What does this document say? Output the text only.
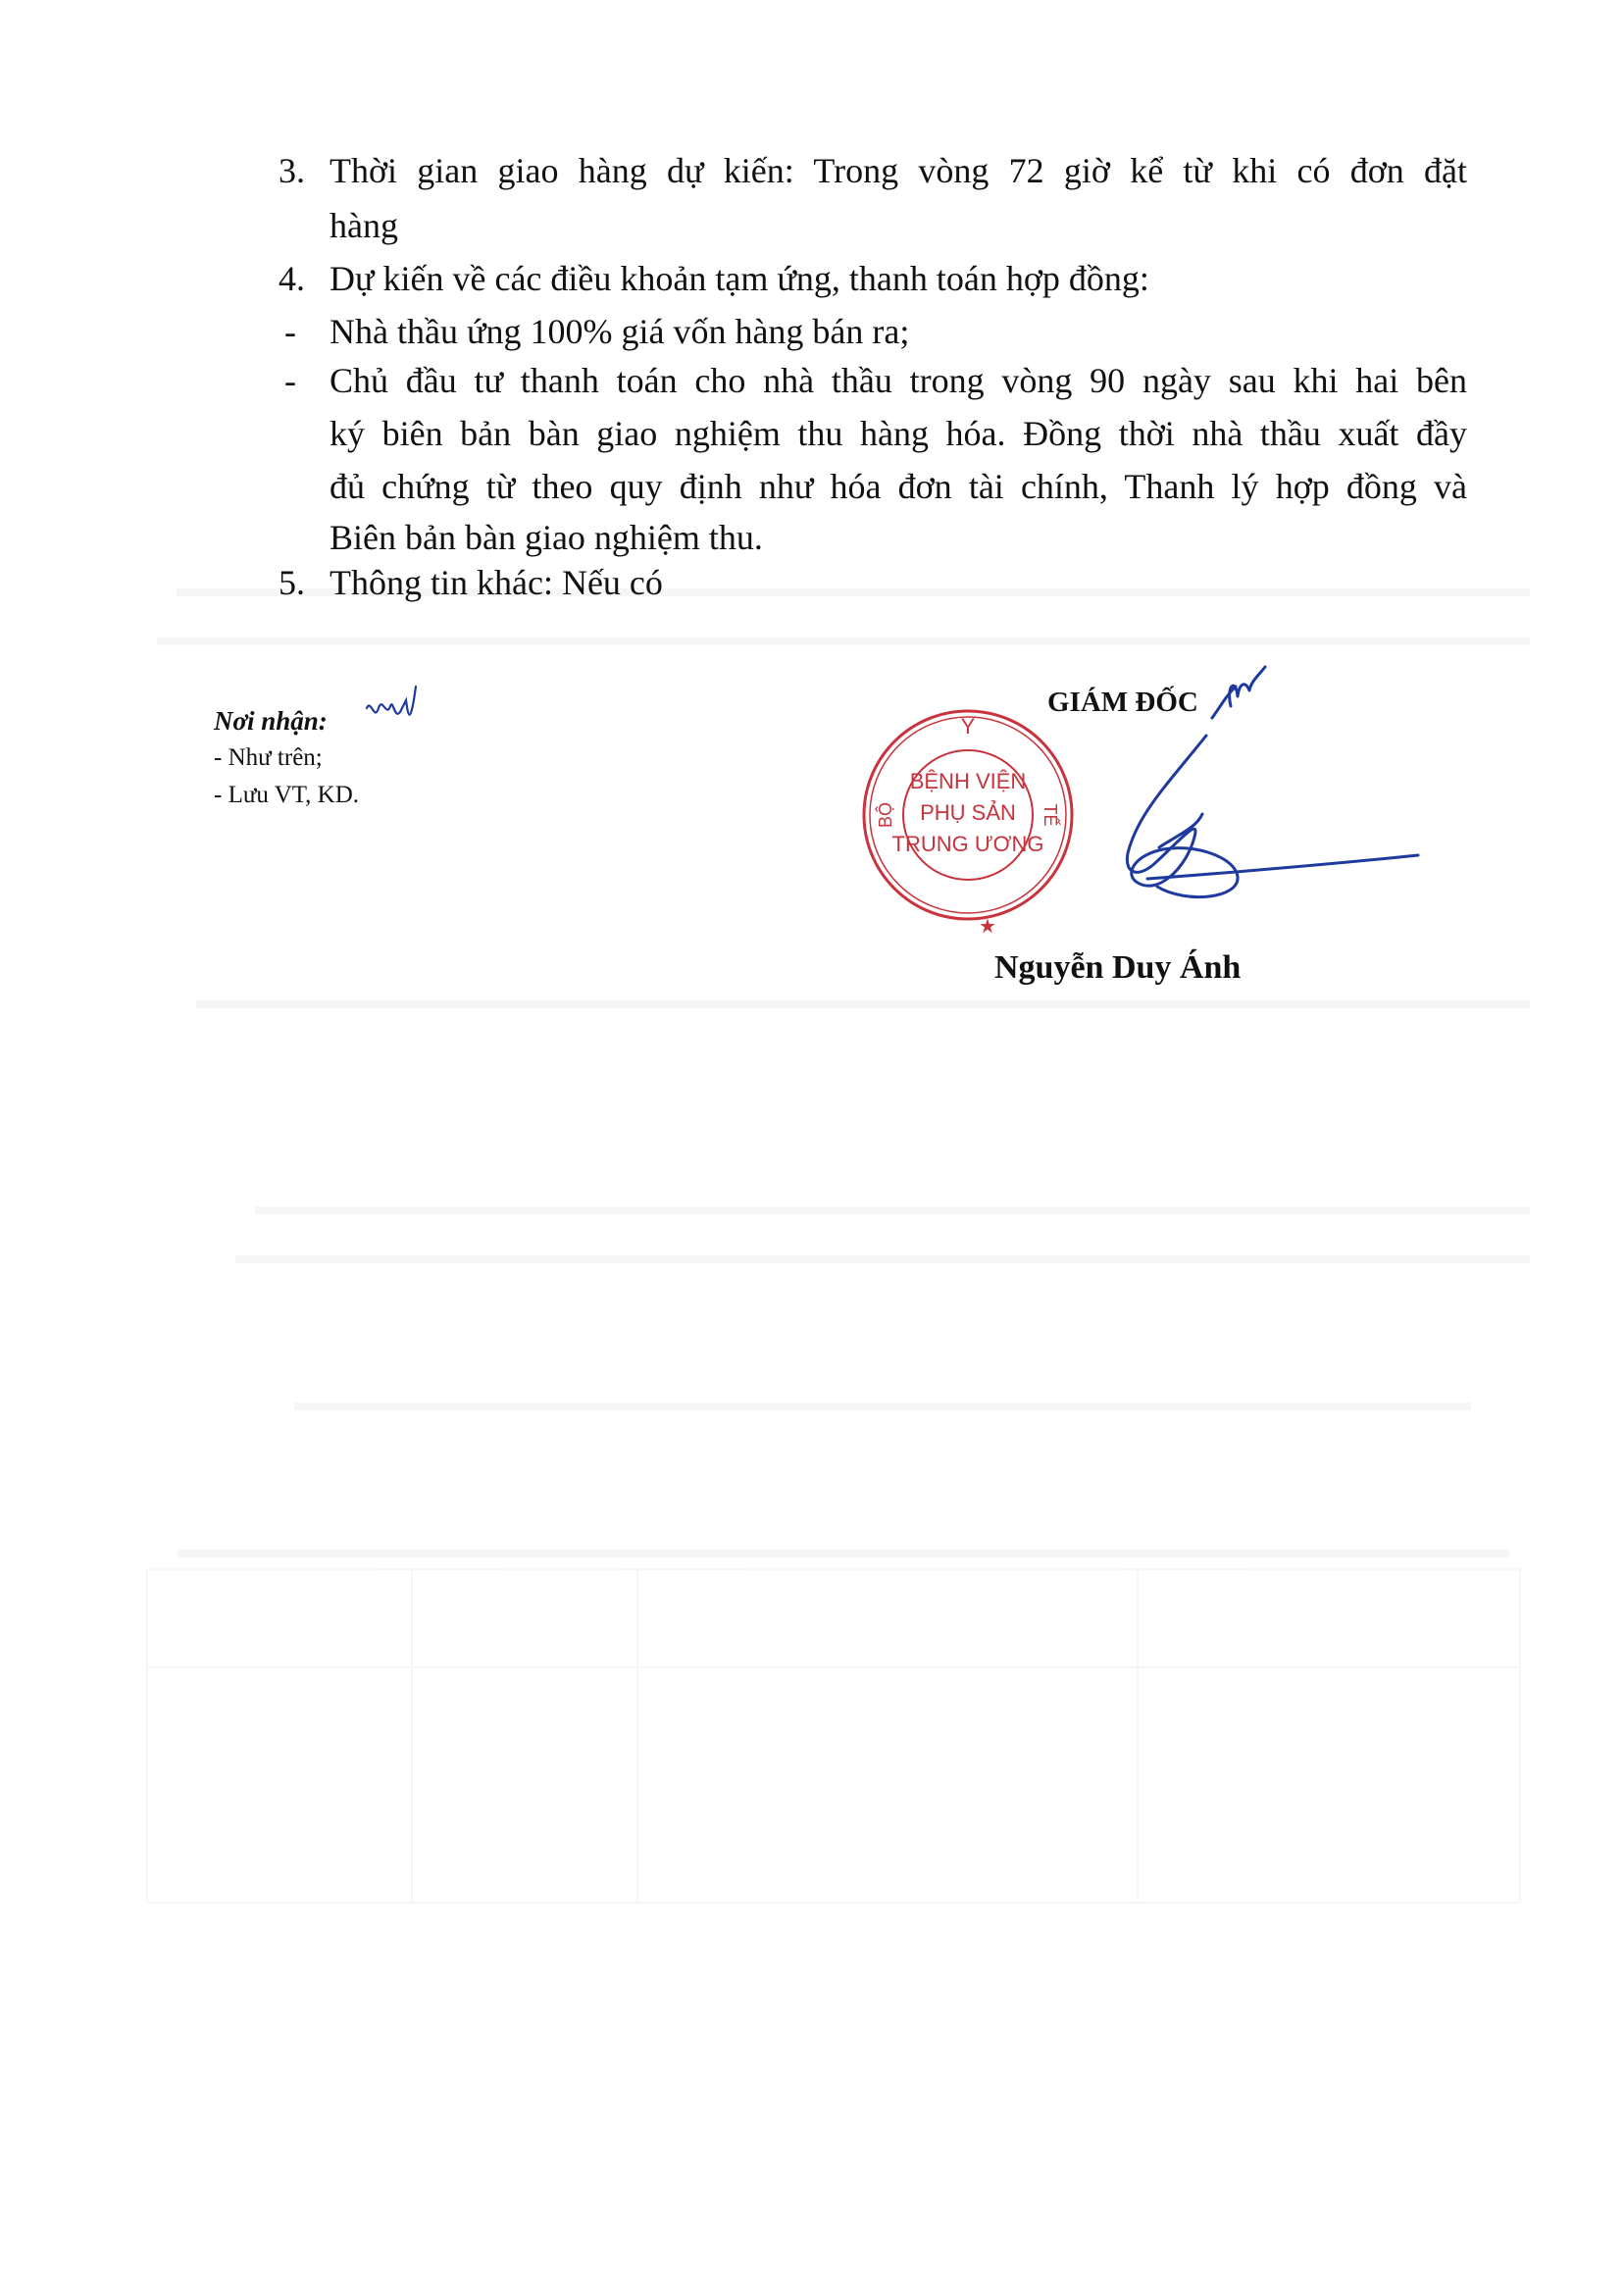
3. Thời gian giao hàng dự kiến: Trong vòng 72 giờ kể từ khi có đơn đặt
hàng
4. Dự kiến về các điều khoản tạm ứng, thanh toán hợp đồng:
- Nhà thầu ứng 100% giá vốn hàng bán ra;
- Chủ đầu tư thanh toán cho nhà thầu trong vòng 90 ngày sau khi hai bên
ký biên bản bàn giao nghiệm thu hàng hóa. Đồng thời nhà thầu xuất đầy
đủ chứng từ theo quy định như hóa đơn tài chính, Thanh lý hợp đồng và
Biên bản bàn giao nghiệm thu.
5. Thông tin khác: Nếu có
Nơi nhận:
- Như trên;
- Lưu VT, KD.
GIÁM ĐỐC
Y
BỘ	TẾ
BỆNH VIỆN
PHỤ SẢN
TRUNG ƯƠNG
★
Nguyễn Duy Ánh
